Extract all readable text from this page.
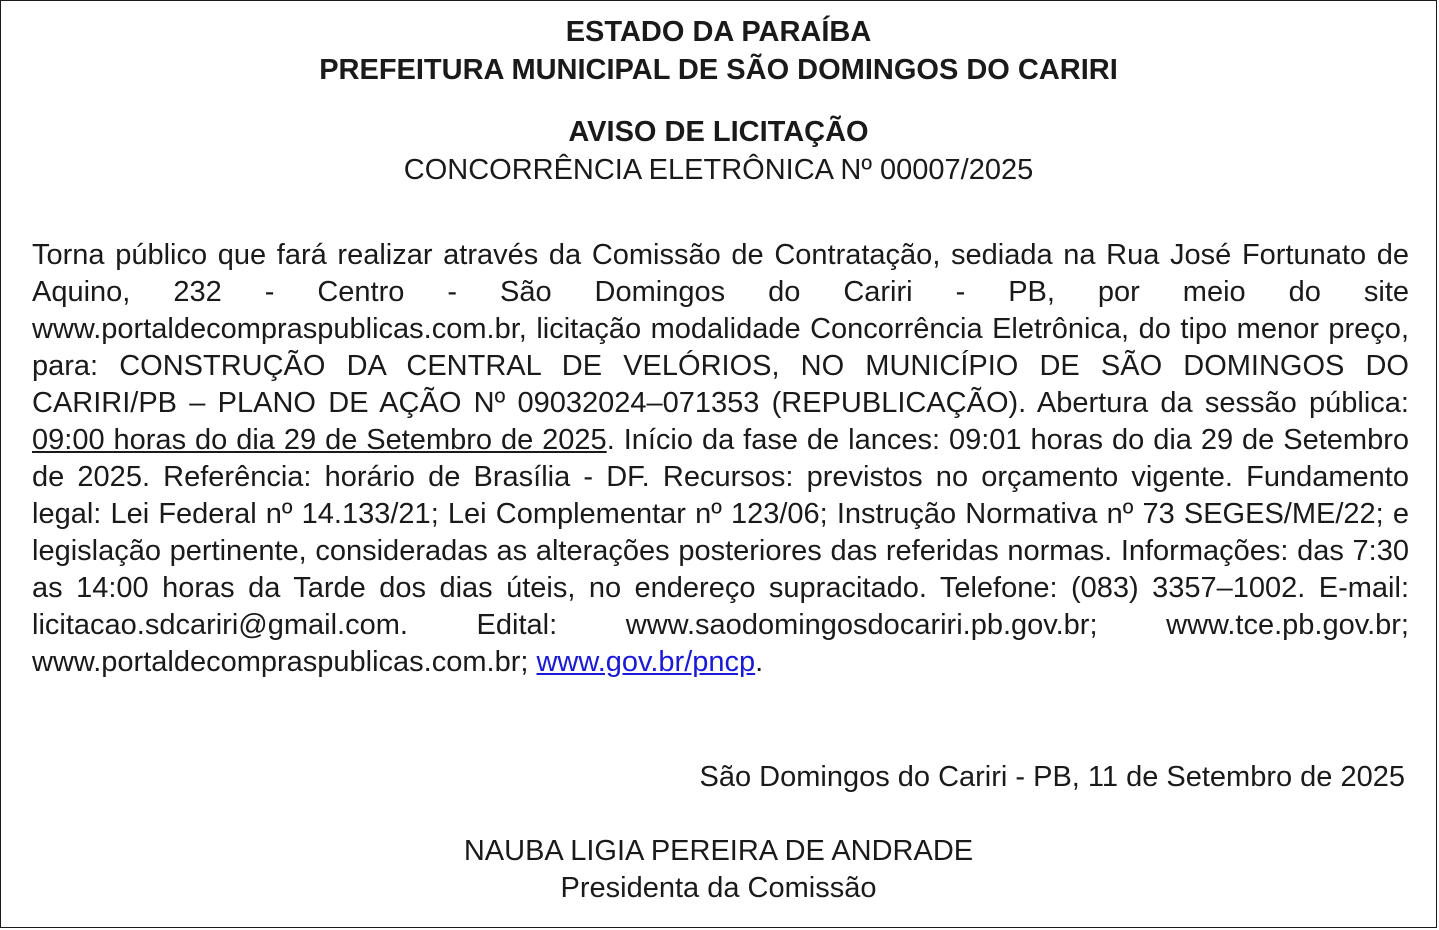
ESTADO DA PARAÍBA
PREFEITURA MUNICIPAL DE SÃO DOMINGOS DO CARIRI
AVISO DE LICITAÇÃO
CONCORRÊNCIA ELETRÔNICA Nº 00007/2025

Torna público que fará realizar através da Comissão de Contratação, sediada na Rua José Fortunato de Aquino, 232 - Centro - São Domingos do Cariri - PB, por meio do site www.portaldecompraspublicas.com.br, licitação modalidade Concorrência Eletrônica, do tipo menor preço, para: CONSTRUÇÃO DA CENTRAL DE VELÓRIOS, NO MUNICÍPIO DE SÃO DOMINGOS DO CARIRI/PB – PLANO DE AÇÃO Nº 09032024–071353 (REPUBLICAÇÃO). Abertura da sessão pública: 09:00 horas do dia 29 de Setembro de 2025. Início da fase de lances: 09:01 horas do dia 29 de Setembro de 2025. Referência: horário de Brasília - DF. Recursos: previstos no orçamento vigente. Fundamento legal: Lei Federal nº 14.133/21; Lei Complementar nº 123/06; Instrução Normativa nº 73 SEGES/ME/22; e legislação pertinente, consideradas as alterações posteriores das referidas normas. Informações: das 7:30 as 14:00 horas da Tarde dos dias úteis, no endereço supracitado. Telefone: (083) 3357–1002. E-mail: licitacao.sdcariri@gmail.com. Edital: www.saodomingosdocariri.pb.gov.br; www.tce.pb.gov.br; www.portaldecompraspublicas.com.br; www.gov.br/pncp.

São Domingos do Cariri - PB, 11 de Setembro de 2025
NAUBA LIGIA PEREIRA DE ANDRADE
Presidenta da Comissão
